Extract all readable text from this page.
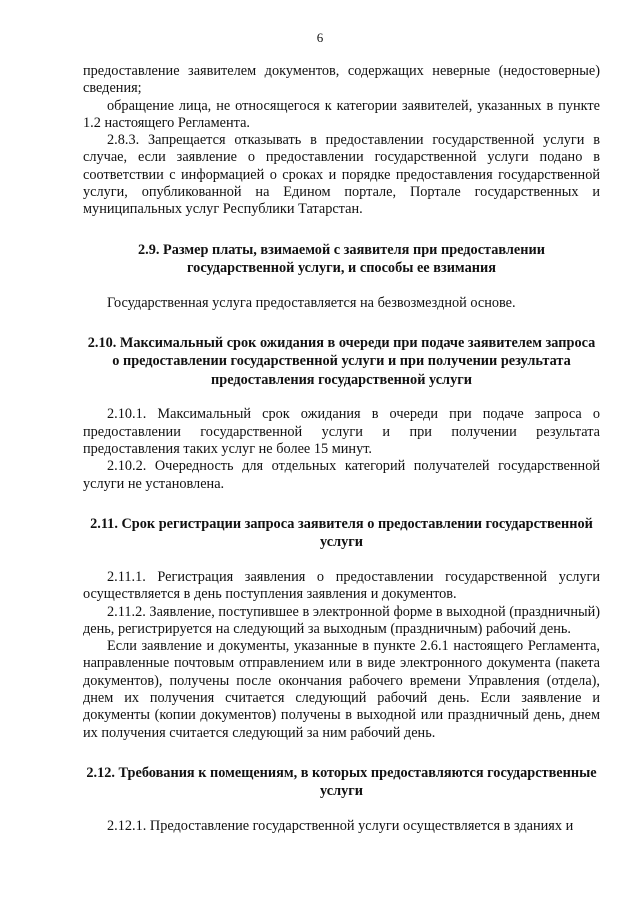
6

предоставление заявителем документов, содержащих неверные (недостоверные) сведения;

обращение лица, не относящегося к категории заявителей, указанных в пункте 1.2 настоящего Регламента.

2.8.3. Запрещается отказывать в предоставлении государственной услуги в случае, если заявление о предоставлении государственной услуги подано в соответствии с информацией о сроках и порядке предоставления государственной услуги, опубликованной на Едином портале, Портале государственных и муниципальных услуг Республики Татарстан.

2.9. Размер платы, взимаемой с заявителя при предоставлении государственной услуги, и способы ее взимания

Государственная услуга предоставляется на безвозмездной основе.

2.10. Максимальный срок ожидания в очереди при подаче заявителем запроса о предоставлении государственной услуги и при получении результата предоставления государственной услуги

2.10.1. Максимальный срок ожидания в очереди при подаче запроса о предоставлении государственной услуги и при получении результата предоставления таких услуг не более 15 минут.

2.10.2. Очередность для отдельных категорий получателей государственной услуги не установлена.

2.11. Срок регистрации запроса заявителя о предоставлении государственной услуги

2.11.1. Регистрация заявления о предоставлении государственной услуги осуществляется в день поступления заявления и документов.

2.11.2. Заявление, поступившее в электронной форме в выходной (праздничный) день, регистрируется на следующий за выходным (праздничным) рабочий день.

Если заявление и документы, указанные в пункте 2.6.1 настоящего Регламента, направленные почтовым отправлением или в виде электронного документа (пакета документов), получены после окончания рабочего времени Управления (отдела), днем их получения считается следующий рабочий день. Если заявление и документы (копии документов) получены в выходной или праздничный день, днем их получения считается следующий за ним рабочий день.

2.12. Требования к помещениям, в которых предоставляются государственные услуги

2.12.1. Предоставление государственной услуги осуществляется в зданиях и
